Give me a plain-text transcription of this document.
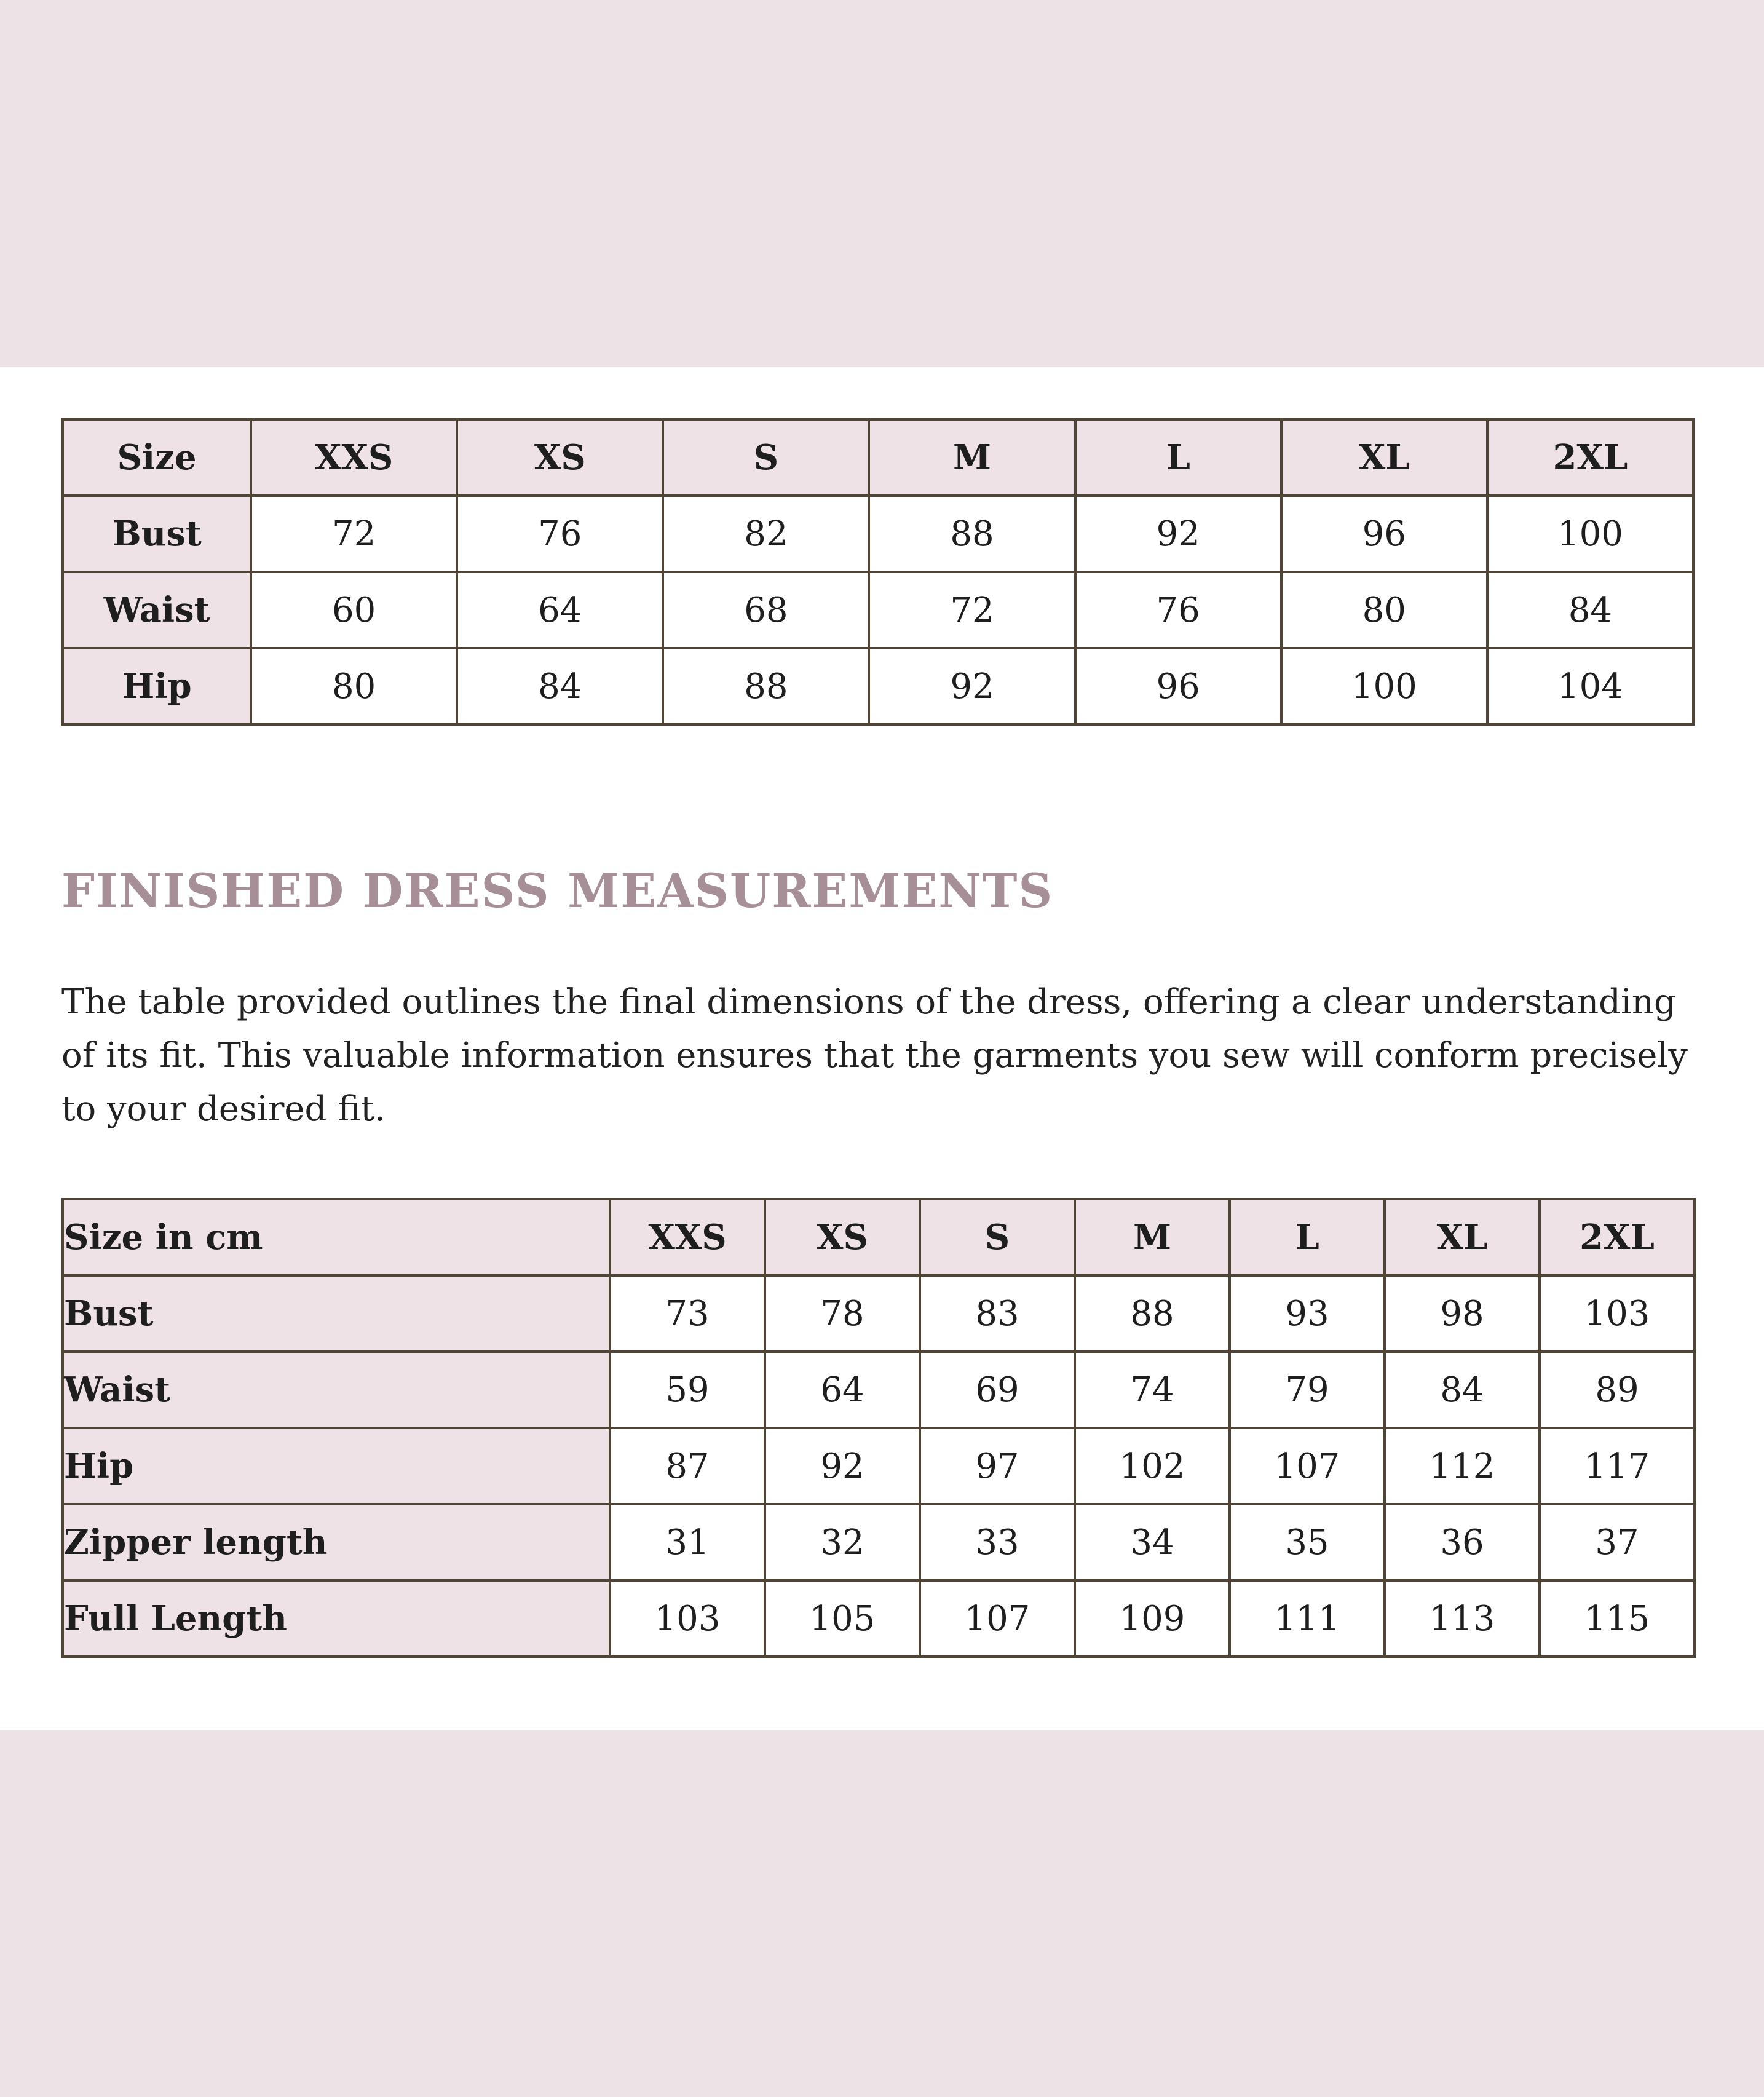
Size	XXS	XS	S	M	L	XL	2XL
Bust	72	76	82	88	92	96	100
Waist	60	64	68	72	76	80	84
Hip	80	84	88	92	96	100	104
FINISHED DRESS MEASUREMENTS

The table provided outlines the final dimensions of the dress, offering a clear understanding of its fit. This valuable information ensures that the garments you sew will conform precisely to your desired fit.

Size in cm	XXS	XS	S	M	L	XL	2XL
Bust	73	78	83	88	93	98	103
Waist	59	64	69	74	79	84	89
Hip	87	92	97	102	107	112	117
Zipper length	31	32	33	34	35	36	37
Full Length	103	105	107	109	111	113	115
